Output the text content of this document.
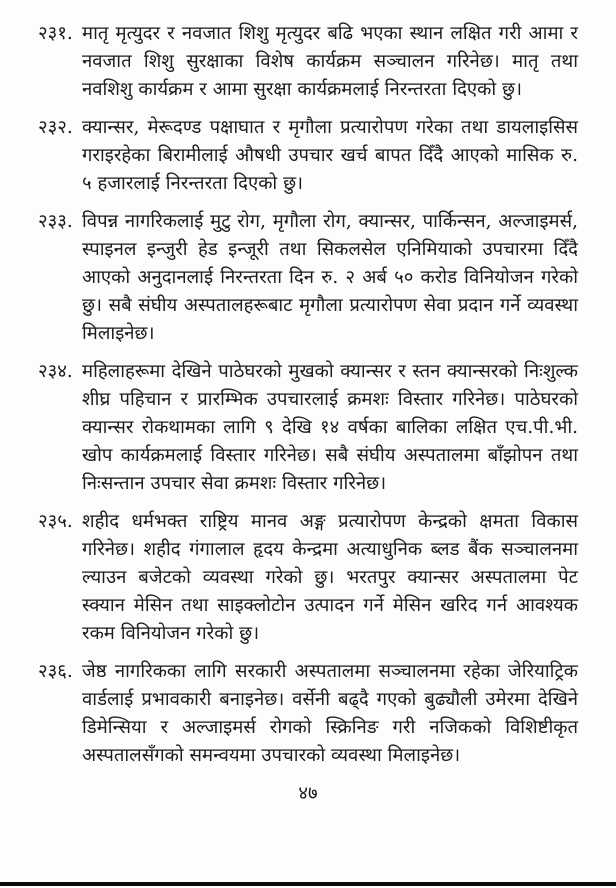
२३१. मातृ मृत्युदर र नवजात शिशु मृत्युदर बढि भएका स्थान लक्षित गरी आमा र नवजात शिशु सुरक्षाका विशेष कार्यक्रम सञ्चालन गरिनेछ। मातृ तथा नवशिशु कार्यक्रम र आमा सुरक्षा कार्यक्रमलाई निरन्तरता दिएको छु।
२३२. क्यान्सर, मेरूदण्ड पक्षाघात र मृगौला प्रत्यारोपण गरेका तथा डायलाइसिस गराइरहेका बिरामीलाई औषधी उपचार खर्च बापत दिँदै आएको मासिक रु. ५ हजारलाई निरन्तरता दिएको छु।
२३३. विपन्न नागरिकलाई मुटु रोग, मृगौला रोग, क्यान्सर, पार्किन्सन, अल्जाइमर्स, स्पाइनल इन्जुरी हेड इन्जूरी तथा सिकलसेल एनिमियाको उपचारमा दिँदै आएको अनुदानलाई निरन्तरता दिन रु. २ अर्ब ५० करोड विनियोजन गरेको छु। सबै संघीय अस्पतालहरूबाट मृगौला प्रत्यारोपण सेवा प्रदान गर्ने व्यवस्था मिलाइनेछ।
२३४. महिलाहरूमा देखिने पाठेघरको मुखको क्यान्सर र स्तन क्यान्सरको निःशुल्क शीघ्र पहिचान र प्रारम्भिक उपचारलाई क्रमशः विस्तार गरिनेछ। पाठेघरको क्यान्सर रोकथामका लागि ९ देखि १४ वर्षका बालिका लक्षित एच.पी.भी. खोप कार्यक्रमलाई विस्तार गरिनेछ। सबै संघीय अस्पतालमा बाँझोपन तथा निःसन्तान उपचार सेवा क्रमशः विस्तार गरिनेछ।
२३५. शहीद धर्मभक्त राष्ट्रिय मानव अङ्ग प्रत्यारोपण केन्द्रको क्षमता विकास गरिनेछ। शहीद गंगालाल हृदय केन्द्रमा अत्याधुनिक ब्लड बैंक सञ्चालनमा ल्याउन बजेटको व्यवस्था गरेको छु। भरतपुर क्यान्सर अस्पतालमा पेट स्क्यान मेसिन तथा साइक्लोटोन उत्पादन गर्ने मेसिन खरिद गर्न आवश्यक रकम विनियोजन गरेको छु।
२३६. जेष्ठ नागरिकका लागि सरकारी अस्पतालमा सञ्चालनमा रहेका जेरियाट्रिक वार्डलाई प्रभावकारी बनाइनेछ। वर्सेनी बढ्दै गएको बुढ्यौली उमेरमा देखिने डिमेन्सिया र अल्जाइमर्स रोगको स्क्रिनिङ गरी नजिकको विशिष्टीकृत अस्पतालसँगको समन्वयमा उपचारको व्यवस्था मिलाइनेछ।
४७
